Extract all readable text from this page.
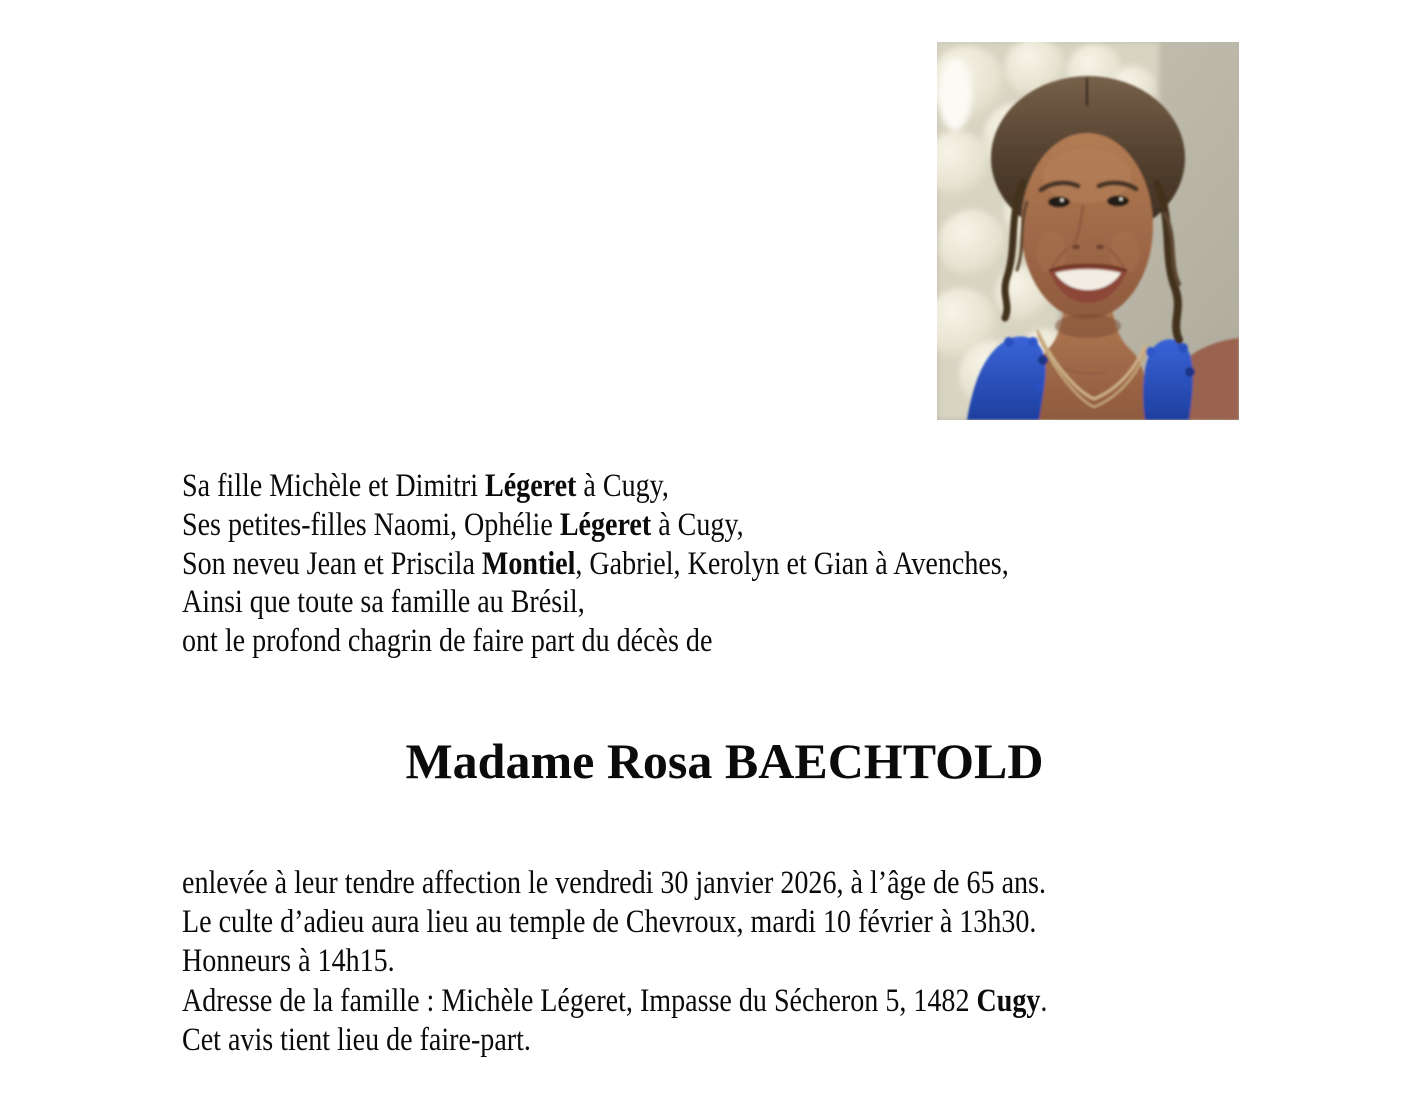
Sa fille Michèle et Dimitri Légeret à Cugy,
Ses petites-filles Naomi, Ophélie Légeret à Cugy,
Son neveu Jean et Priscila Montiel, Gabriel, Kerolyn et Gian à Avenches,
Ainsi que toute sa famille au Brésil,
ont le profond chagrin de faire part du décès de
Madame Rosa BAECHTOLD
enlevée à leur tendre affection le vendredi 30 janvier 2026, à l’âge de 65 ans.
Le culte d’adieu aura lieu au temple de Chevroux, mardi 10 février à 13h30.
Honneurs à 14h15.
Adresse de la famille : Michèle Légeret, Impasse du Sécheron 5, 1482 Cugy.
Cet avis tient lieu de faire-part.
